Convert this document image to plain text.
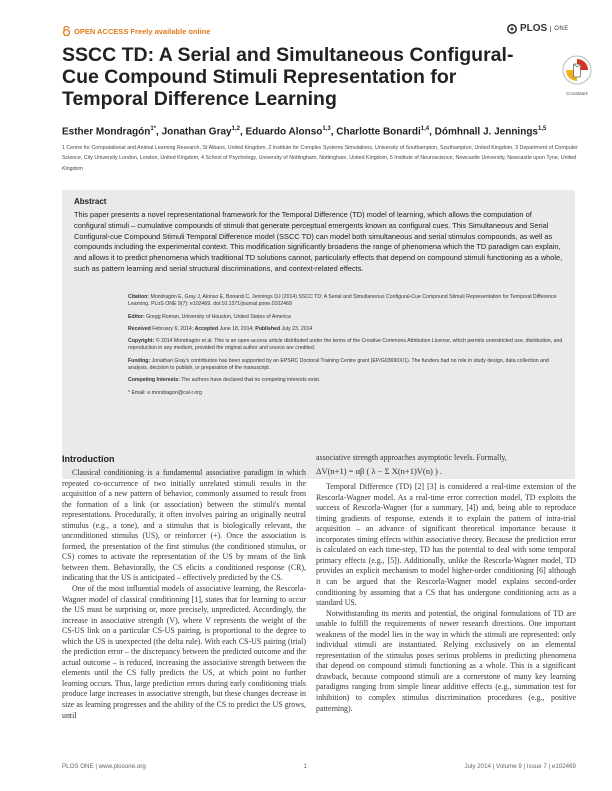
OPEN ACCESS Freely available online	PLOS	ONE
SSCC TD: A Serial and Simultaneous Configural-Cue Compound Stimuli Representation for Temporal Difference Learning	CrossMark
Esther Mondragón$^{1*}$, Jonathan Gray$^{1,2}$, Eduardo Alonso$^{1,3}$, Charlotte Bonardi$^{1,4}$, Dómhnall J. Jennings$^{1,5}$
1 Centre for Computational and Animal Learning Research, St Albans, United Kingdom, 2 Institute for Complex Systems Simulations, University of Southampton, Southampton, United Kingdom, 3 Department of Computer Science, City University London, London, United Kingdom, 4 School of Psychology, University of Nottingham, Nottingham, United Kingdom, 5 Institute of Neuroscience, Newcastle University, Newcastle upon Tyne, United Kingdom
Abstract
This paper presents a novel representational framework for the Temporal Difference (TD) model of learning, which allows the computation of configural stimuli – cumulative compounds of stimuli that generate perceptual emergents known as configural cues. This Simultaneous and Serial Configural-cue Compound Stimuli Temporal Difference model (SSCC TD) can model both simultaneous and serial stimulus compounds, as well as compounds including the experimental context. This modification significantly broadens the range of phenomena which the TD paradigm can explain, and allows it to predict phenomena which traditional TD solutions cannot, particularly effects that depend on compound stimuli functioning as a whole, such as pattern learning and serial structural discriminations, and context-related effects.

Citation: Mondragón E, Gray J, Alonso E, Bonardi C, Jennings DJ (2014) SSCC TD: A Serial and Simultaneous Configural-Cue Compound Stimuli Representation for Temporal Difference Learning. PLoS ONE 9(7): e102469. doi:10.1371/journal.pone.0102469

Editor: Gregg Roman, University of Houston, United States of America

Received February 6, 2014; Accepted June 18, 2014; Published July 23, 2014

Copyright: © 2014 Mondragón et al. This is an open-access article distributed under the terms of the Creative Commons Attribution License, which permits unrestricted use, distribution, and reproduction in any medium, provided the original author and source are credited.

Funding: Jonathan Gray's contribution has been supported by an EPSRC Doctoral Training Centre grant (EP/G03690X/1). The funders had no role in study design, data collection and analysis, decision to publish, or preparation of the manuscript.

Competing Interests: The authors have declared that no competing interests exist.

* Email: e.mondragon@cal-r.org

Introduction

Classical conditioning is a fundamental associative paradigm in which repeated co-occurrence of two initially unrelated stimuli results in the acquisition of a new pattern of behavior, commonly assumed to result from the formation of a link (or association) between the stimuli's mental representations. Procedurally, it often involves pairing an originally neutral stimulus (e.g., a tone), and a stimulus that is biologically relevant, the unconditioned stimulus (US), or reinforcer (+). Once the association is formed, the presentation of the first stimulus (the conditioned stimulus, or CS) comes to activate the representation of the US by means of the link between them. Behaviorally, the CS elicits a conditioned response (CR), indicating that the US is anticipated – effectively predicted by the CS.

One of the most influential models of associative learning, the Rescorla-Wagner model of classical conditioning [1], states that for learning to occur the US must be surprising or, more precisely, unpredicted. Accordingly, the increase in associative strength (V), where V represents the weight of the CS-US link on a particular CS-US pairing, is proportional to the degree to which the US is unexpected (the delta rule). With each CS-US pairing (trial) the prediction error – the discrepancy between the predicted outcome and the actual outcome – is reduced, increasing the associative strength between the elements until the CS fully predicts the US, at which point no further learning occurs. Thus, large prediction errors during early conditioning trials produce large increases in associative strength, but these changes decrease in size as learning progresses and the ability of the CS to predict the US grows, until

associative strength approaches asymptotic levels. Formally,

ΔV(n+1) = αβ ( λ − Σ X(n+1)V(n) ) .

Temporal Difference (TD) [2] [3] is considered a real-time extension of the Rescorla-Wagner model. As a real-time error correction model, TD exploits the success of Rescorla-Wagner (for a summary, [4]) and, being able to reproduce timing gradients of response, extends it to explain the pattern of intra-trial acquisition – an advance of significant theoretical importance because it incorporates timing effects within associative theory. Because the prediction error is calculated on each time-step, TD has the potential to deal with some temporal primacy effects (e.g., [5]). Additionally, unlike the Rescorla-Wagner model, TD provides an explicit mechanism to model higher-order conditioning [6] although it can be argued that the Rescorla-Wagner model explains second-order conditioning by assuming that a CS that has undergone conditioning acts as a standard US.

Notwithstanding its merits and potential, the original formulations of TD are unable to fulfill the requirements of newer research directions. One important weakness of the model lies in the way in which the stimuli are represented: only individual stimuli are instantiated. Relying exclusively on an elemental representation of the stimulus poses serious problems in predicting phenomena that depend on compound stimuli functioning as a whole. This is a significant drawback, because compound stimuli are a cornerstone of many key learning paradigms ranging from simple linear additive effects (e.g., summation test for inhibition) to complex stimulus discrimination procedures (e.g., positive patterning).

PLOS ONE | www.plosone.org	1	July 2014 | Volume 9 | Issue 7 | e102469
